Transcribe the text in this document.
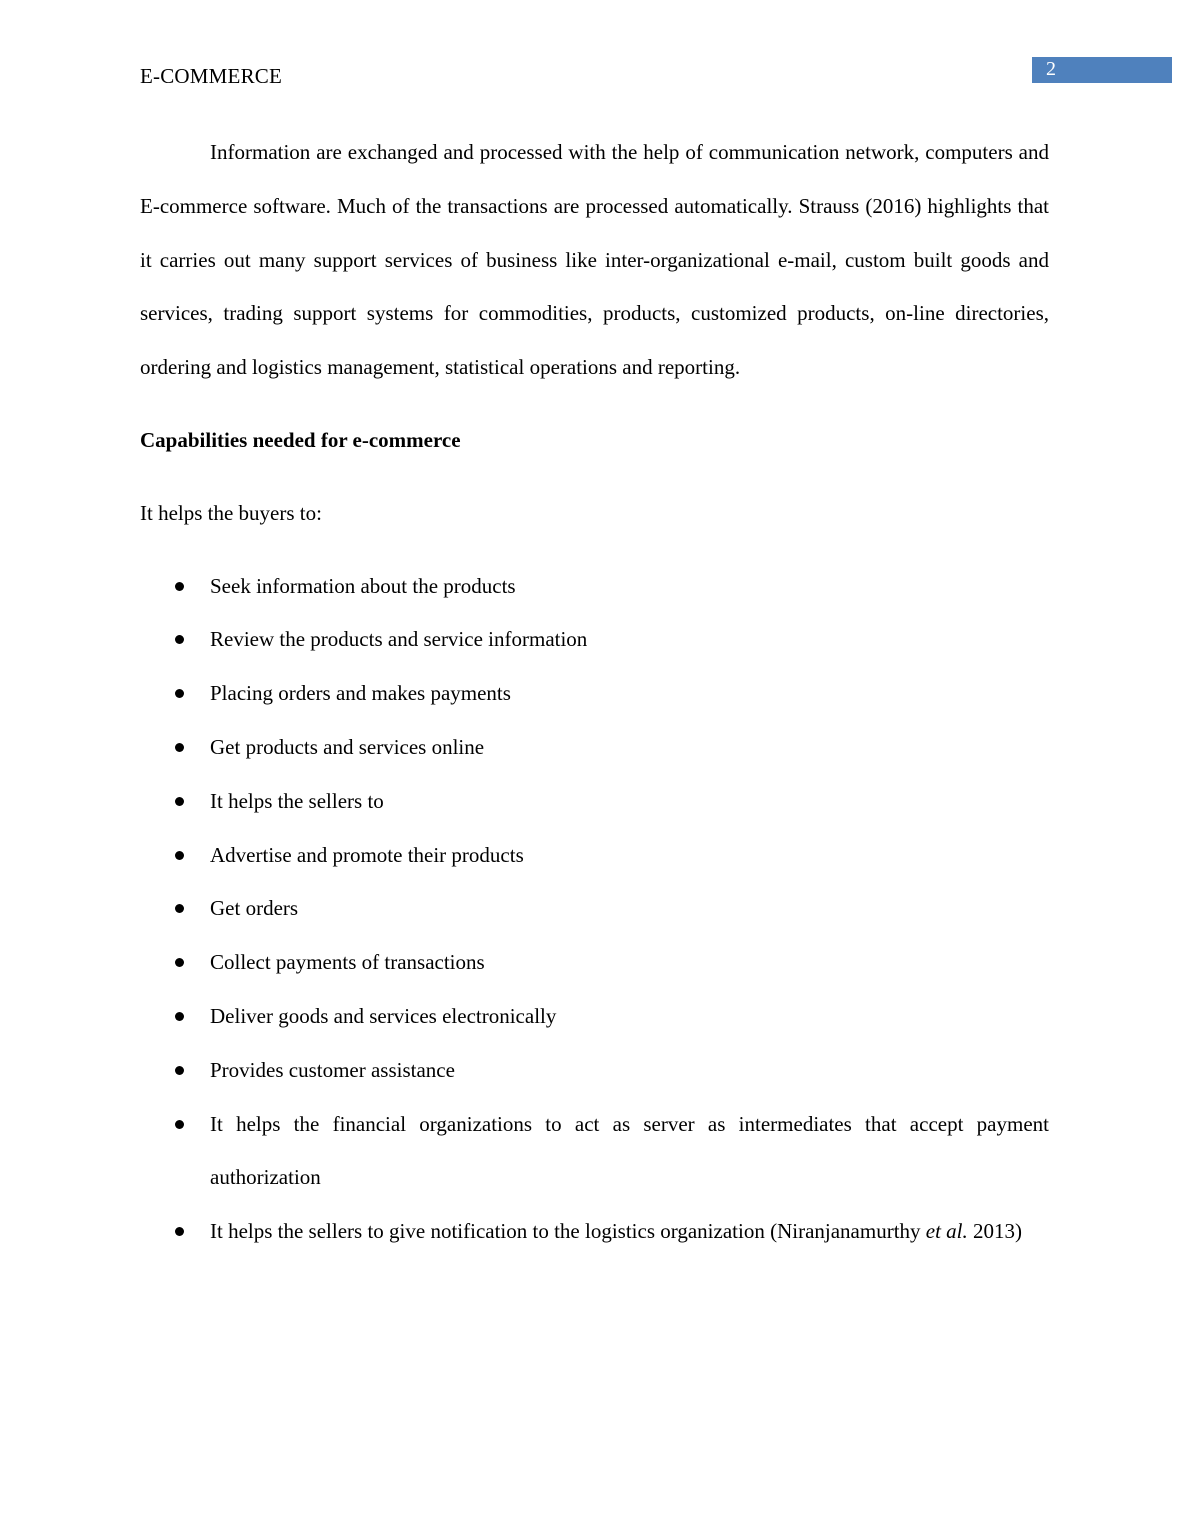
E-COMMERCE	2

Information are exchanged and processed with the help of communication network, computers and E-commerce software. Much of the transactions are processed automatically. Strauss (2016) highlights that it carries out many support services of business like inter-organizational e-mail, custom built goods and services, trading support systems for commodities, products, customized products, on-line directories, ordering and logistics management, statistical operations and reporting.

Capabilities needed for e-commerce

It helps the buyers to:

Seek information about the products
Review the products and service information
Placing orders and makes payments
Get products and services online
It helps the sellers to
Advertise and promote their products
Get orders
Collect payments of transactions
Deliver goods and services electronically
Provides customer assistance
It helps the financial organizations to act as server as intermediates that accept payment authorization
It helps the sellers to give notification to the logistics organization (Niranjanamurthy et al. 2013)
